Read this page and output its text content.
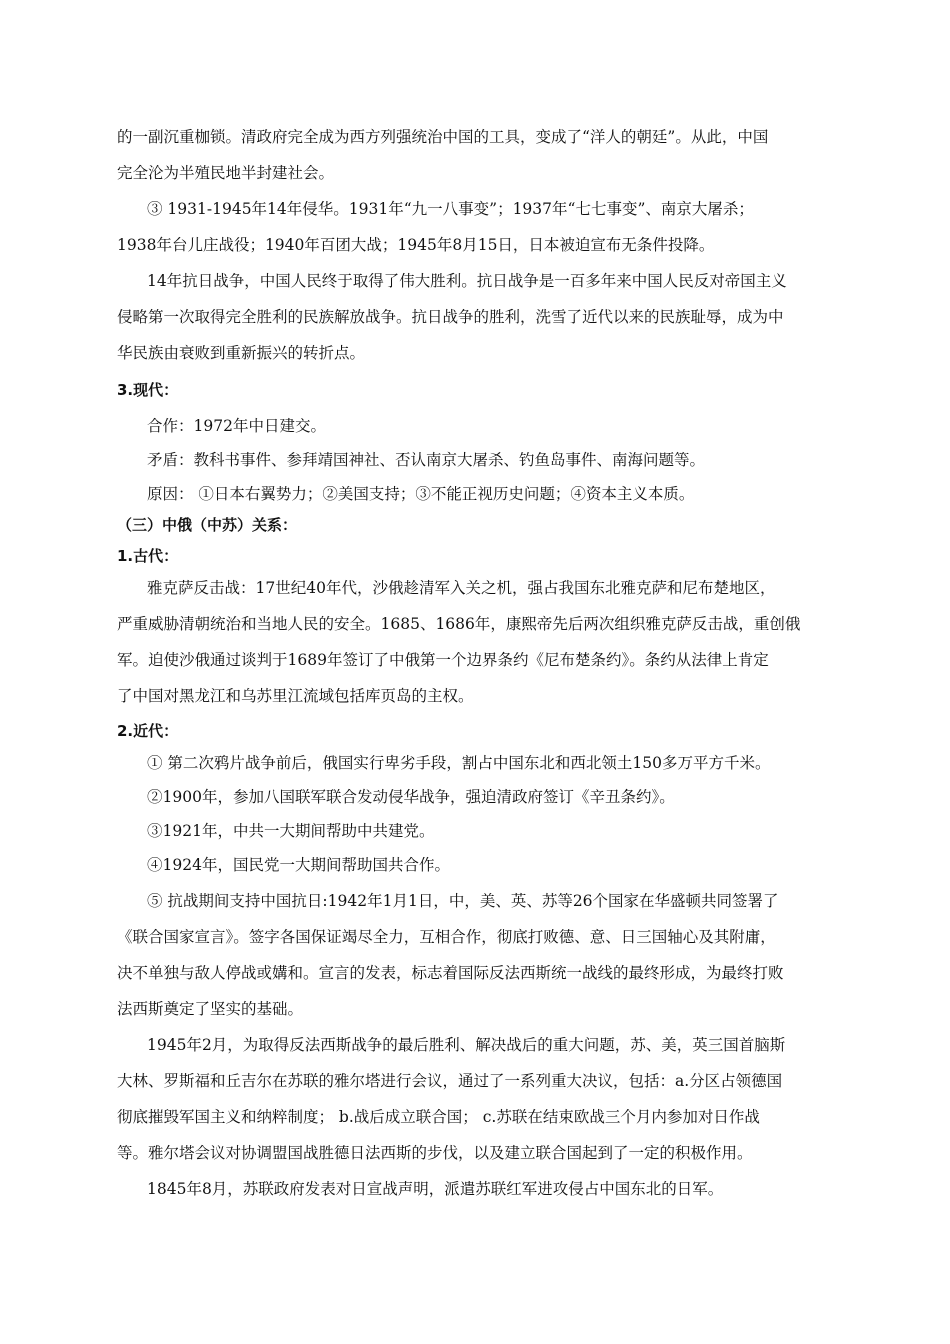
的一副沉重枷锁。清政府完全成为西方列强统治中国的工具，变成了“洋人的朝廷”。从此，中国
完全沦为半殖民地半封建社会。
③ 1931-1945年14年侵华。1931年“九一八事变”；1937年“七七事变”、南京大屠杀；
1938年台儿庄战役；1940年百团大战；1945年8月15日，日本被迫宣布无条件投降。
14年抗日战争，中国人民终于取得了伟大胜利。抗日战争是一百多年来中国人民反对帝国主义
侵略第一次取得完全胜利的民族解放战争。抗日战争的胜利，洗雪了近代以来的民族耻辱，成为中
华民族由衰败到重新振兴的转折点。
3.现代：
合作：1972年中日建交。
矛盾：教科书事件、参拜靖国神社、否认南京大屠杀、钓鱼岛事件、南海问题等。
原因： ①日本右翼势力；②美国支持；③不能正视历史问题；④资本主义本质。
（三）中俄（中苏）关系：
1.古代：
雅克萨反击战：17世纪40年代，沙俄趁清军入关之机，强占我国东北雅克萨和尼布楚地区，
严重威胁清朝统治和当地人民的安全。1685、1686年，康熙帝先后两次组织雅克萨反击战，重创俄
军。迫使沙俄通过谈判于1689年签订了中俄第一个边界条约《尼布楚条约》。条约从法律上肯定
了中国对黑龙江和乌苏里江流域包括库页岛的主权。
2.近代：
① 第二次鸦片战争前后，俄国实行卑劣手段，割占中国东北和西北领土150多万平方千米。
②1900年，参加八国联军联合发动侵华战争，强迫清政府签订《辛丑条约》。
③1921年，中共一大期间帮助中共建党。
④1924年，国民党一大期间帮助国共合作。
⑤ 抗战期间支持中国抗日:1942年1月1日，中，美、英、苏等26个国家在华盛顿共同签署了
《联合国家宣言》。签字各国保证竭尽全力，互相合作，彻底打败德、意、日三国轴心及其附庸，
决不单独与敌人停战或媾和。宣言的发表，标志着国际反法西斯统一战线的最终形成，为最终打败
法西斯奠定了坚实的基础。
1945年2月，为取得反法西斯战争的最后胜利、解决战后的重大问题，苏、美，英三国首脑斯
大林、罗斯福和丘吉尔在苏联的雅尔塔进行会议，通过了一系列重大决议，包括：a.分区占领德国
彻底摧毁军国主义和纳粹制度； b.战后成立联合国； c.苏联在结束欧战三个月内参加对日作战
等。雅尔塔会议对协调盟国战胜德日法西斯的步伐，以及建立联合国起到了一定的积极作用。
1845年8月，苏联政府发表对日宣战声明，派遣苏联红军进攻侵占中国东北的日军。
